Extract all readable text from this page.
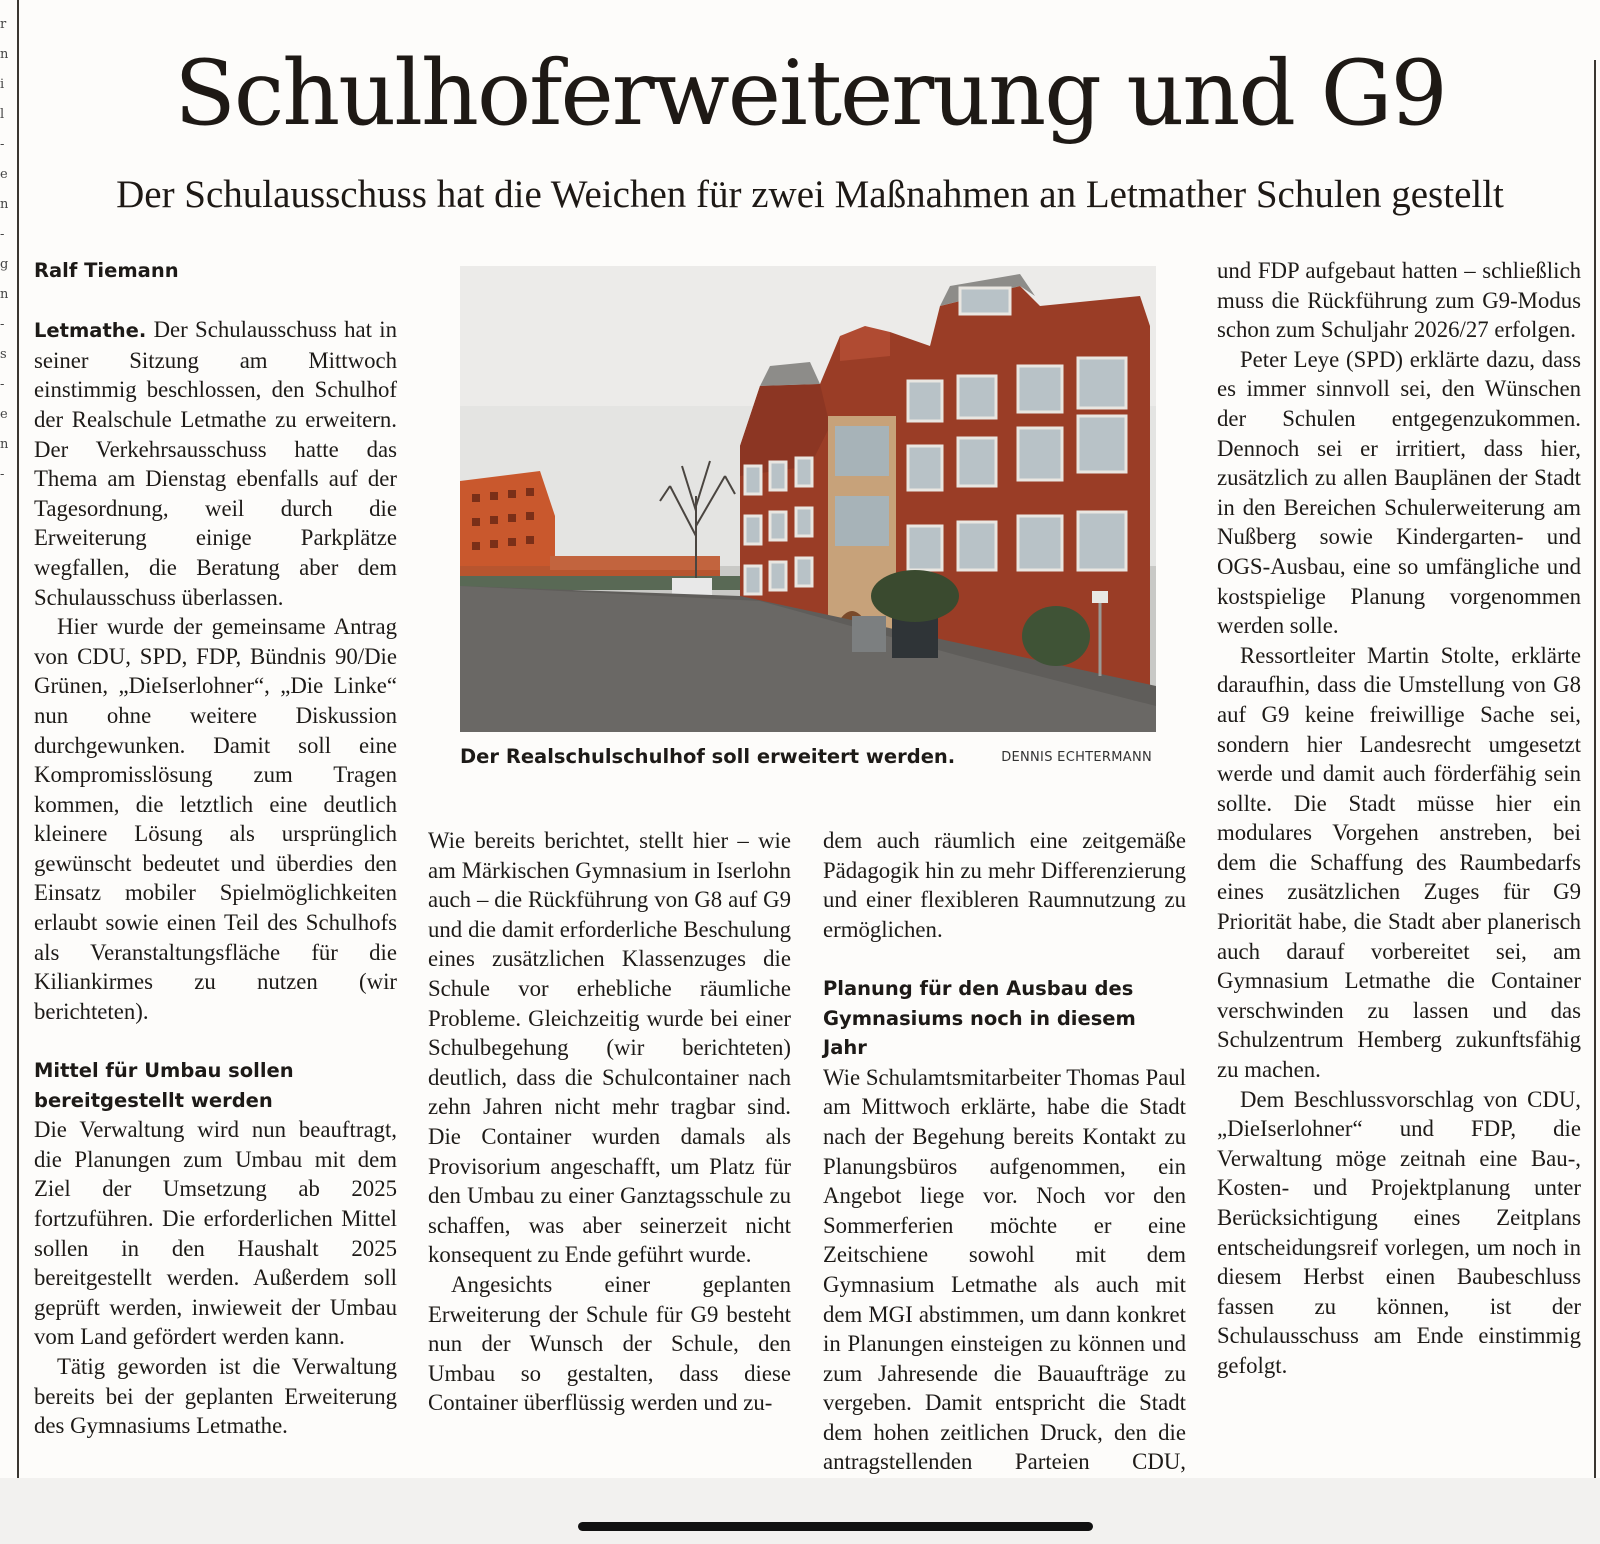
r
n
i
l
-
e
n
-
g
n
-
s
-
e
n
-
Schulhoferweiterung und G9
Der Schulausschuss hat die Weichen für zwei Maßnahmen an Letmather Schulen gestellt

Ralf Tiemann

Letmathe. Der Schulausschuss hat in seiner Sitzung am Mittwoch einstimmig beschlossen, den Schulhof der Realschule Letmathe zu erweitern. Der Verkehrsausschuss hatte das Thema am Dienstag ebenfalls auf der Tagesordnung, weil durch die Erweiterung einige Parkplätze wegfallen, die Beratung aber dem Schulausschuss überlassen.

Hier wurde der gemeinsame Antrag von CDU, SPD, FDP, Bündnis 90/Die Grünen, „DieIserlohner“, „Die Linke“ nun ohne weitere Diskussion durchgewunken. Damit soll eine Kompromisslösung zum Tragen kommen, die letztlich eine deutlich kleinere Lösung als ursprünglich gewünscht bedeutet und überdies den Einsatz mobiler Spielmöglichkeiten erlaubt sowie einen Teil des Schulhofs als Veranstaltungsfläche für die Kiliankirmes zu nutzen (wir berichteten).

Mittel für Umbau sollen bereitgestellt werden

Die Verwaltung wird nun beauftragt, die Planungen zum Umbau mit dem Ziel der Umsetzung ab 2025 fortzuführen. Die erforderlichen Mittel sollen in den Haushalt 2025 bereitgestellt werden. Außerdem soll geprüft werden, inwieweit der Umbau vom Land gefördert werden kann.

Tätig geworden ist die Verwaltung bereits bei der geplanten Erweiterung des Gymnasiums Letmathe.

Der Realschulschulhof soll erweitert werden.	DENNIS ECHTERMANN

Wie bereits berichtet, stellt hier – wie am Märkischen Gymnasium in Iserlohn auch – die Rückführung von G8 auf G9 und die damit erforderliche Beschulung eines zusätzlichen Klassenzuges die Schule vor erhebliche räumliche Probleme. Gleichzeitig wurde bei einer Schulbegehung (wir berichteten) deutlich, dass die Schulcontainer nach zehn Jahren nicht mehr tragbar sind. Die Container wurden damals als Provisorium angeschafft, um Platz für den Umbau zu einer Ganztagsschule zu schaffen, was aber seinerzeit nicht konsequent zu Ende geführt wurde.

Angesichts einer geplanten Erweiterung der Schule für G9 besteht nun der Wunsch der Schule, den Umbau so gestalten, dass diese Container überflüssig werden und zu-

dem auch räumlich eine zeitgemäße Pädagogik hin zu mehr Differenzierung und einer flexibleren Raumnutzung zu ermöglichen.

Planung für den Ausbau des Gymnasiums noch in diesem Jahr

Wie Schulamtsmitarbeiter Thomas Paul am Mittwoch erklärte, habe die Stadt nach der Begehung bereits Kontakt zu Planungsbüros aufgenommen, ein Angebot liege vor. Noch vor den Sommerferien möchte er eine Zeitschiene sowohl mit dem Gymnasium Letmathe als auch mit dem MGI abstimmen, um dann konkret in Planungen einsteigen zu können und zum Jahresende die Bauaufträge zu vergeben. Damit entspricht die Stadt dem hohen zeitlichen Druck, den die antragstellenden Parteien CDU,

und FDP aufgebaut hatten – schließlich muss die Rückführung zum G9-Modus schon zum Schuljahr 2026/27 erfolgen.

Peter Leye (SPD) erklärte dazu, dass es immer sinnvoll sei, den Wünschen der Schulen entgegenzukommen. Dennoch sei er irritiert, dass hier, zusätzlich zu allen Bauplänen der Stadt in den Bereichen Schulerweiterung am Nußberg sowie Kindergarten- und OGS-Ausbau, eine so umfängliche und kostspielige Planung vorgenommen werden solle.

Ressortleiter Martin Stolte, erklärte daraufhin, dass die Umstellung von G8 auf G9 keine freiwillige Sache sei, sondern hier Landesrecht umgesetzt werde und damit auch förderfähig sein sollte. Die Stadt müsse hier ein modulares Vorgehen anstreben, bei dem die Schaffung des Raumbedarfs eines zusätzlichen Zuges für G9 Priorität habe, die Stadt aber planerisch auch darauf vorbereitet sei, am Gymnasium Letmathe die Container verschwinden zu lassen und das Schulzentrum Hemberg zukunftsfähig zu machen.

Dem Beschlussvorschlag von CDU, „DieIserlohner“ und FDP, die Verwaltung möge zeitnah eine Bau-, Kosten- und Projektplanung unter Berücksichtigung eines Zeitplans entscheidungsreif vorlegen, um noch in diesem Herbst einen Baubeschluss fassen zu können, ist der Schulausschuss am Ende einstimmig gefolgt.
